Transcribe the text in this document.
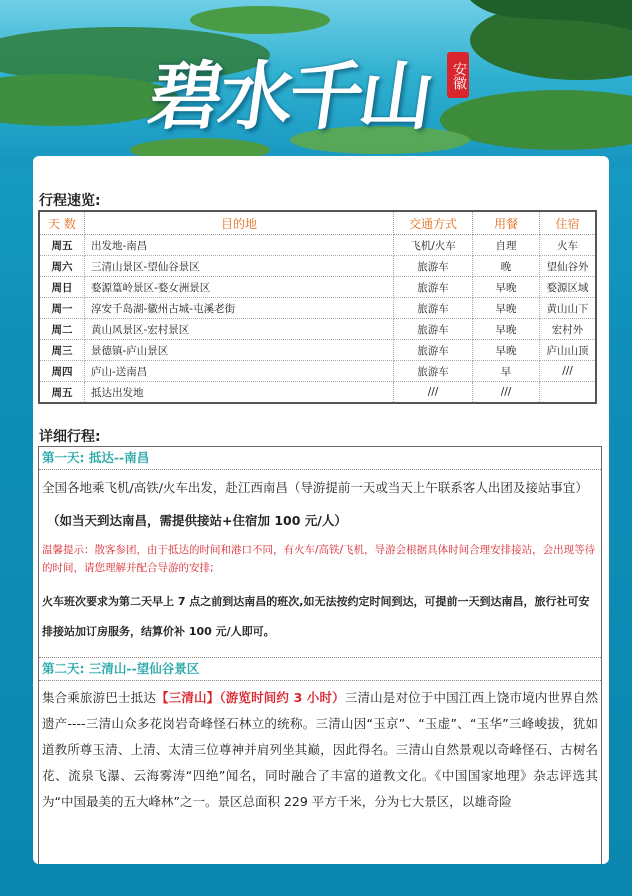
碧水千山	安徽
行程速览:
天 数	目的地	交通方式	用餐	住宿
周五	出发地-南昌	飞机/火车	自理	火车
周六	三清山景区-望仙谷景区	旅游车	晚	望仙谷外
周日	婺源篁岭景区-婺女洲景区	旅游车	早晚	婺源区域
周一	淳安千岛湖-徽州古城-屯溪老街	旅游车	早晚	黄山山下
周二	黄山风景区-宏村景区	旅游车	早晚	宏村外
周三	景德镇-庐山景区	旅游车	早晚	庐山山顶
周四	庐山-送南昌	旅游车	早	///
周五	抵达出发地	///	///	
详细行程:
第一天: 抵达--南昌
全国各地乘飞机/高铁/火车出发，赴江西南昌（导游提前一天或当天上午联系客人出团及接站事宜）
（如当天到达南昌，需提供接站+住宿加 100 元/人）
温馨提示：散客参团，由于抵达的时间和港口不同，有火车/高铁/飞机，导游会根据具体时间合理安排接站，会出现等待的时间，请您理解并配合导游的安排;
火车班次要求为第二天早上 7 点之前到达南昌的班次,如无法按约定时间到达，可提前一天到达南昌，旅行社可安排接站加订房服务，结算价补 100 元/人即可。
第二天: 三清山--望仙谷景区
集合乘旅游巴士抵达【三清山】（游览时间约 3 小时）三清山是对位于中国江西上饶市境内世界自然遗产----三清山众多花岗岩奇峰怪石林立的统称。三清山因“玉京”、“玉虚”、“玉华”三峰峻拔，犹如道教所尊玉清、上清、太清三位尊神并肩列坐其巅，因此得名。三清山自然景观以奇峰怪石、古树名花、流泉飞瀑、云海雾涛“四绝”闻名，同时融合了丰富的道教文化。《中国国家地理》杂志评选其为“中国最美的五大峰林”之一。景区总面积 229 平方千米，分为七大景区，以雄奇险
